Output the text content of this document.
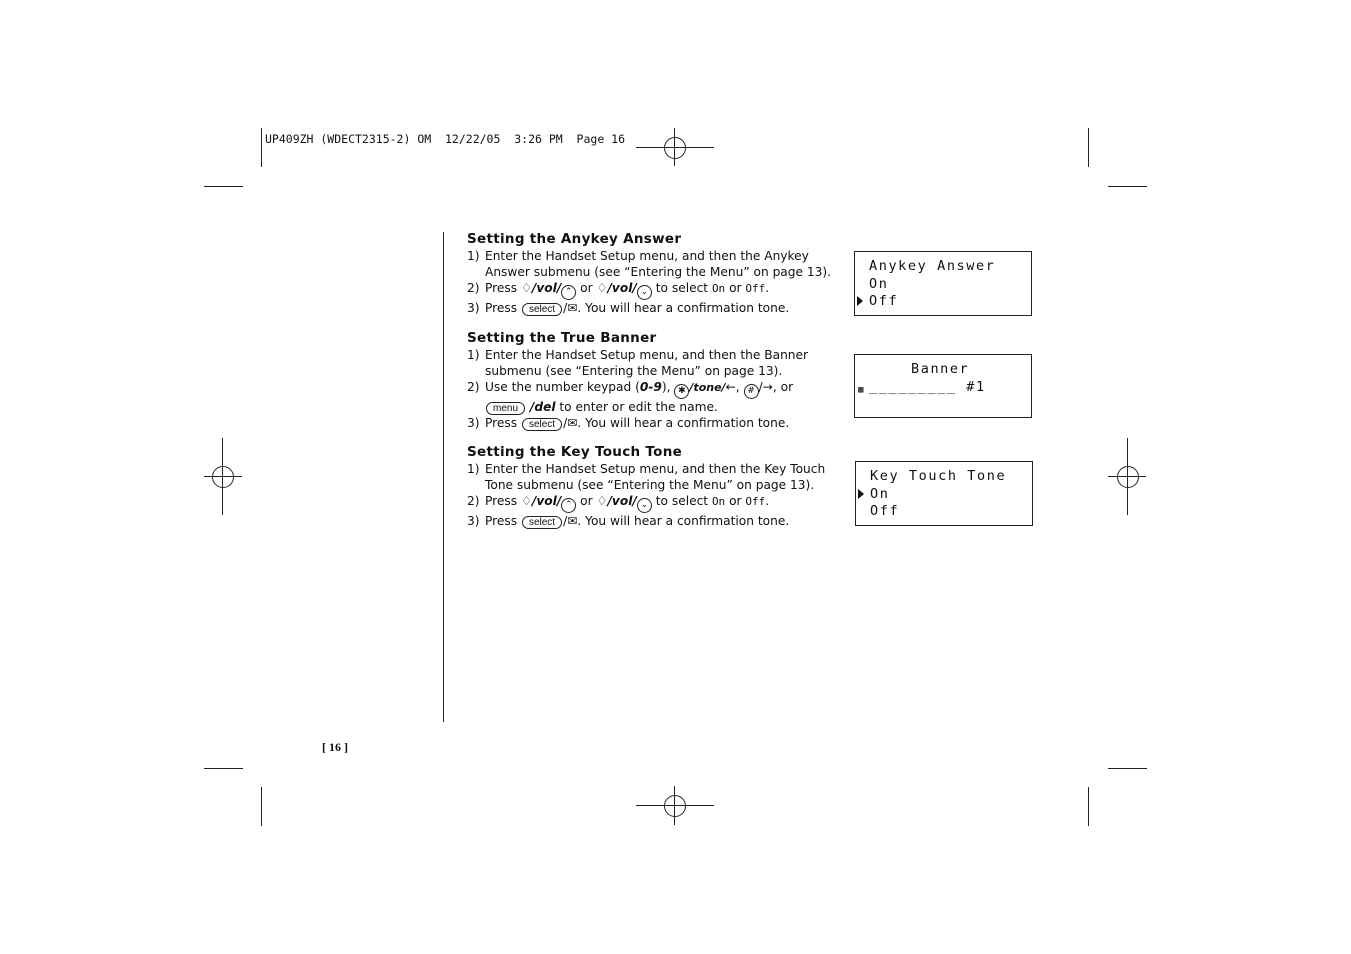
UP409ZH (WDECT2315-2) OM  12/22/05  3:26 PM  Page 16
Setting the Anykey Answer
1) Enter the Handset Setup menu, and then the Anykey
Answer submenu (see “Entering the Menu” on page 13).
2) Press ♢/vol/ ⌃ or ♢/vol/ ⌄ to select On or Off.
3) Press select /✉. You will hear a confirmation tone.
Anykey Answer
On
Off
Setting the True Banner
1) Enter the Handset Setup menu, and then the Banner
submenu (see “Entering the Menu” on page 13).
2) Use the number keypad (0-9), ✱ /tone/←, # /→, or
menu /del to enter or edit the name.
3) Press select /✉. You will hear a confirmation tone.
Banner
▦ _________ #1
Setting the Key Touch Tone
1) Enter the Handset Setup menu, and then the Key Touch
Tone submenu (see “Entering the Menu” on page 13).
2) Press ♢/vol/ ⌃ or ♢/vol/ ⌄ to select On or Off.
3) Press select /✉. You will hear a confirmation tone.
Key Touch Tone
On
Off
[ 16 ]
